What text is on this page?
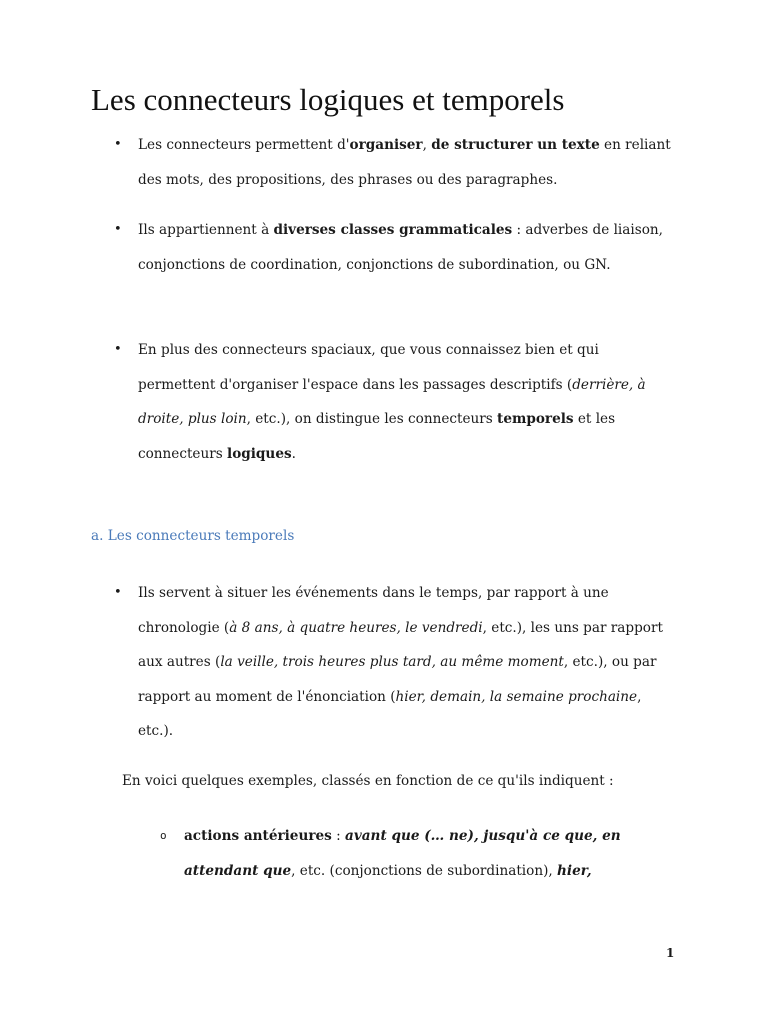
Les connecteurs logiques et temporels
• Les connecteurs permettent d'organiser, de structurer un texte en reliant des mots, des propositions, des phrases ou des paragraphes.
• Ils appartiennent à diverses classes grammaticales : adverbes de liaison, conjonctions de coordination, conjonctions de subordination, ou GN.
• En plus des connecteurs spaciaux, que vous connaissez bien et qui permettent d'organiser l'espace dans les passages descriptifs (derrière, à droite, plus loin, etc.), on distingue les connecteurs temporels et les connecteurs logiques.
a. Les connecteurs temporels
• Ils servent à situer les événements dans le temps, par rapport à une chronologie (à 8 ans, à quatre heures, le vendredi, etc.), les uns par rapport aux autres (la veille, trois heures plus tard, au même moment, etc.), ou par rapport au moment de l'énonciation (hier, demain, la semaine prochaine, etc.).

En voici quelques exemples, classés en fonction de ce qu'ils indiquent :

o actions antérieures : avant que (… ne), jusqu'à ce que, en attendant que, etc. (conjonctions de subordination), hier,
1
